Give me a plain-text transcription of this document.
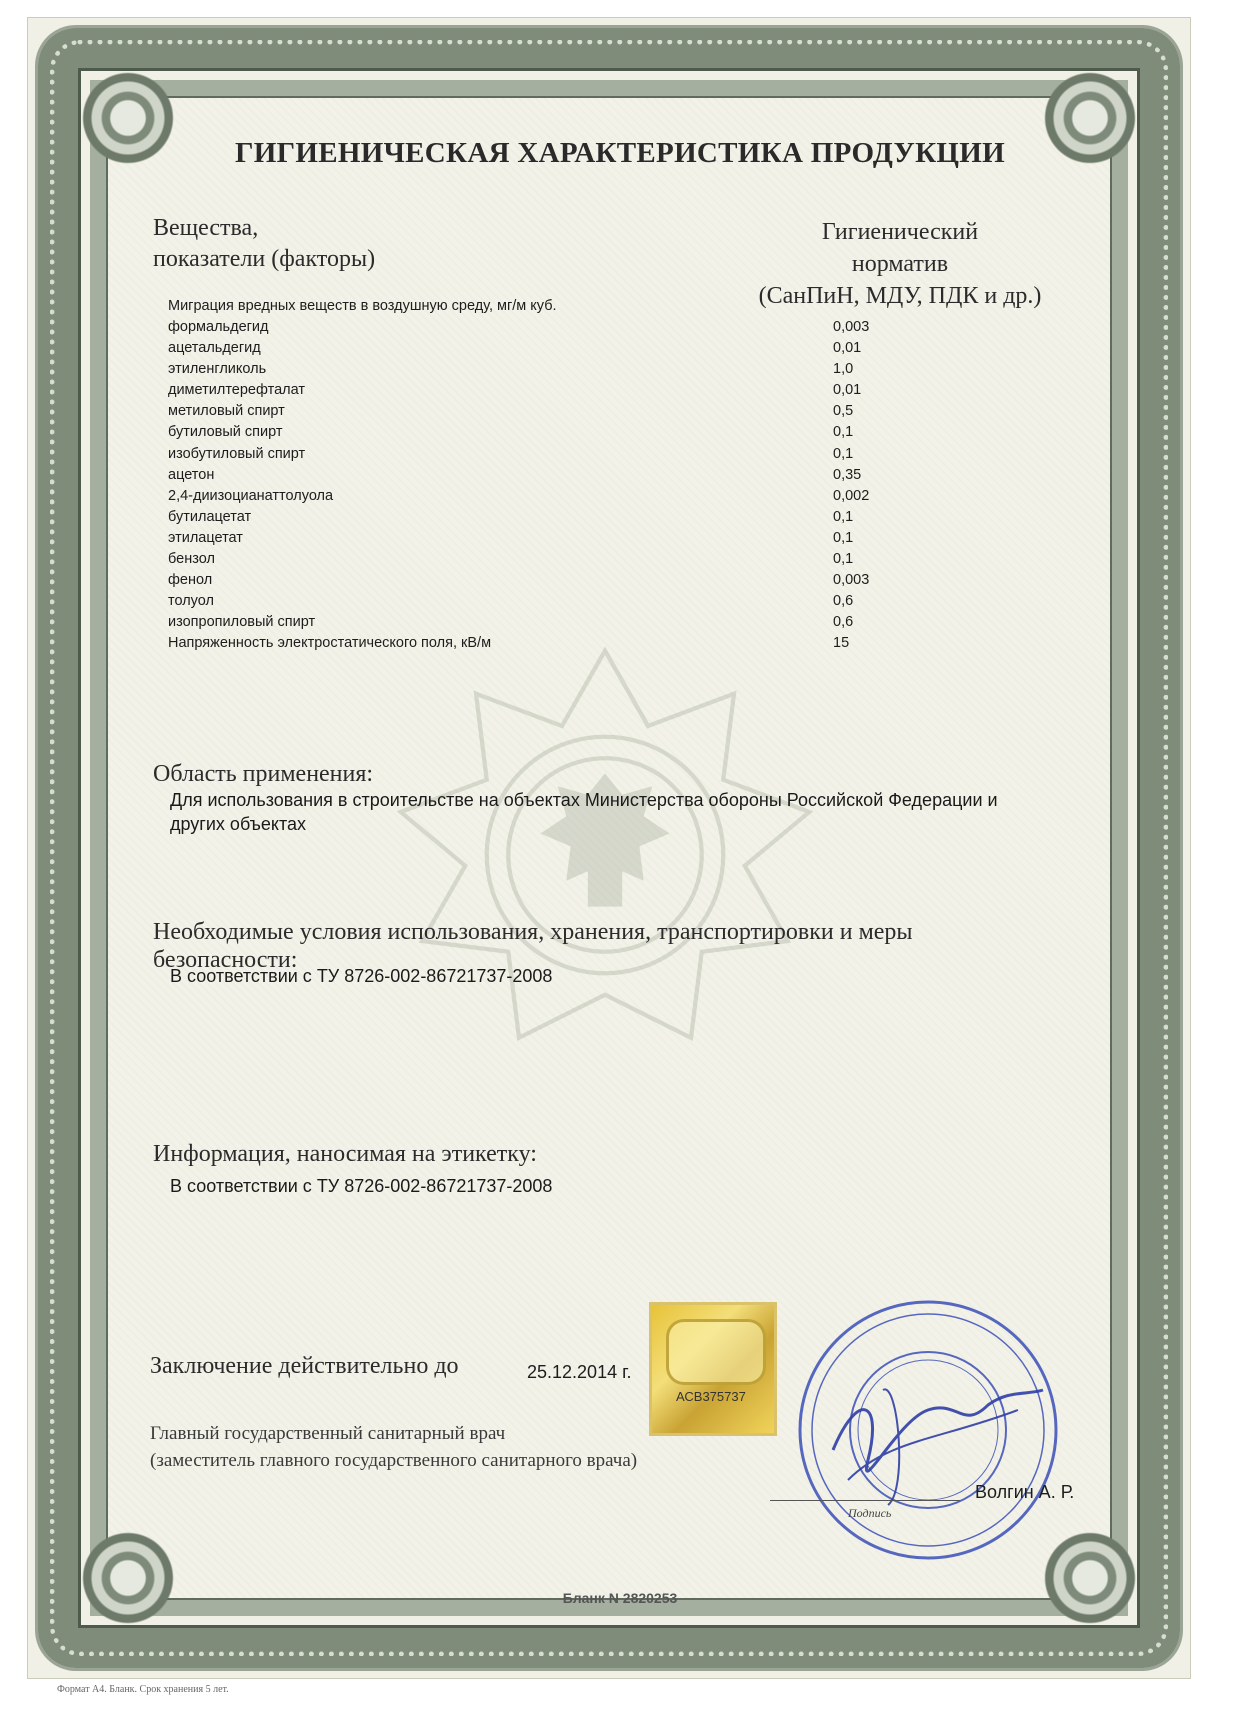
ГИГИЕНИЧЕСКАЯ ХАРАКТЕРИСТИКА ПРОДУКЦИИ
Вещества,
показатели (факторы)
Гигиенический
норматив
(СанПиН, МДУ, ПДК и др.)
Миграция вредных веществ в воздушную среду, мг/м куб.
формальдегид	0,003
ацетальдегид	0,01
этиленгликоль	1,0
диметилтерефталат	0,01
метиловый спирт	0,5
бутиловый спирт	0,1
изобутиловый спирт	0,1
ацетон	0,35
2,4-диизоцианаттолуола	0,002
бутилацетат	0,1
этилацетат	0,1
бензол	0,1
фенол	0,003
толуол	0,6
изопропиловый спирт	0,6
Напряженность электростатического поля, кВ/м	15
Область применения:
Для использования в строительстве на объектах Министерства обороны Российской Федерации и
других объектах
Необходимые условия использования, хранения, транспортировки и меры
безопасности:
В соответствии с ТУ 8726-002-86721737-2008
Информация, наносимая на этикетку:
В соответствии с ТУ 8726-002-86721737-2008
Заключение действительно до	25.12.2014 г.
АСВ375737
Главный государственный санитарный врач
(заместитель главного государственного санитарного врача)
Подпись
Волгин А. Р.
Бланк N 2820253
Формат А4. Бланк. Срок хранения 5 лет.
